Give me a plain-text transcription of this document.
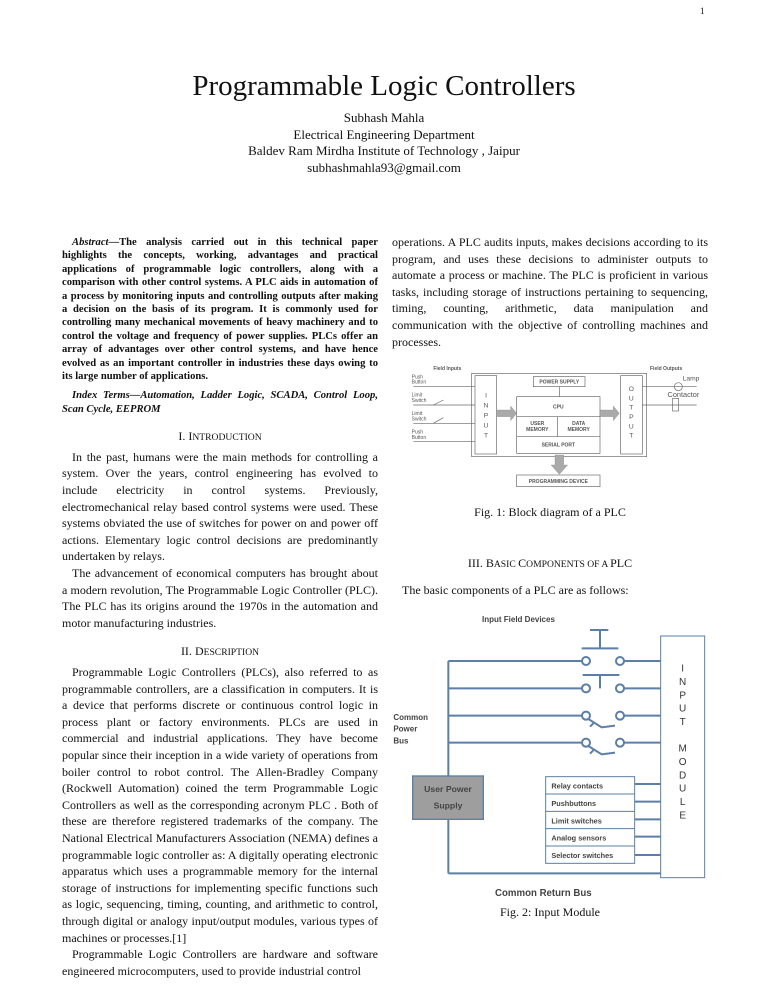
1
Programmable Logic Controllers
Subhash Mahla
Electrical Engineering Department
Baldev Ram Mirdha Institute of Technology , Jaipur
subhashmahla93@gmail.com

Abstract—The analysis carried out in this technical paper highlights the concepts, working, advantages and practical applications of programmable logic controllers, along with a comparison with other control systems. A PLC aids in automation of a process by monitoring inputs and controlling outputs after making a decision on the basis of its program. It is commonly used for controlling many mechanical movements of heavy machinery and to control the voltage and frequency of power supplies. PLCs offer an array of advantages over other control systems, and have hence evolved as an important controller in industries these days owing to its large number of applications.

Index Terms—Automation, Ladder Logic, SCADA, Control Loop, Scan Cycle, EEPROM

I. INTRODUCTION

In the past, humans were the main methods for controlling a system. Over the years, control engineering has evolved to include electricity in control systems. Previously, electromechanical relay based control systems were used. These systems obviated the use of switches for power on and power off actions. Elementary logic control decisions are predominantly undertaken by relays.

The advancement of economical computers has brought about a modern revolution, The Programmable Logic Controller (PLC). The PLC has its origins around the 1970s in the automation and motor manufacturing industries.

II. DESCRIPTION

Programmable Logic Controllers (PLCs), also referred to as programmable controllers, are a classification in computers. It is a device that performs discrete or continuous control logic in process plant or factory environments. PLCs are used in commercial and industrial applications. They have become popular since their inception in a wide variety of operations from boiler control to robot control. The Allen-Bradley Company (Rockwell Automation) coined the term Programmable Logic Controllers as well as the corresponding acronym PLC . Both of these are therefore registered trademarks of the company. The National Electrical Manufacturers Association (NEMA) defines a programmable logic controller as: A digitally operating electronic apparatus which uses a programmable memory for the internal storage of instructions for implementing specific functions such as logic, sequencing, timing, counting, and arithmetic to control, through digital or analogy input/output modules, various types of machines or processes.[1]

Programmable Logic Controllers are hardware and software engineered microcomputers, used to provide industrial control

operations. A PLC audits inputs, makes decisions according to its program, and uses these decisions to administer outputs to automate a process or machine. The PLC is proficient in various tasks, including storage of instructions pertaining to sequencing, timing, counting, arithmetic, data manipulation and communication with the objective of controlling machines and processes.

Field Inputs	Field Outputs
Push
Button
Limit
Switch
Limit
Switch
Push
Button
I
N
P
U
T
O
U
T
P
U
T
POWER SUPPLY
CPU
USER
MEMORY
DATA
MEMORY
SERIAL PORT
PROGRAMMING DEVICE
Lamp
Contactor
Fig. 1: Block diagram of a PLC
III. BASIC COMPONENTS OF A PLC

The basic components of a PLC are as follows:

Input Field Devices
Common
Power
Bus
User Power
Supply
Relay contacts
Pushbuttons
Limit switches
Analog sensors
Selector switches
Common Return Bus
I
N
P
U
T
M
O
D
U
L
E
Fig. 2: Input Module
